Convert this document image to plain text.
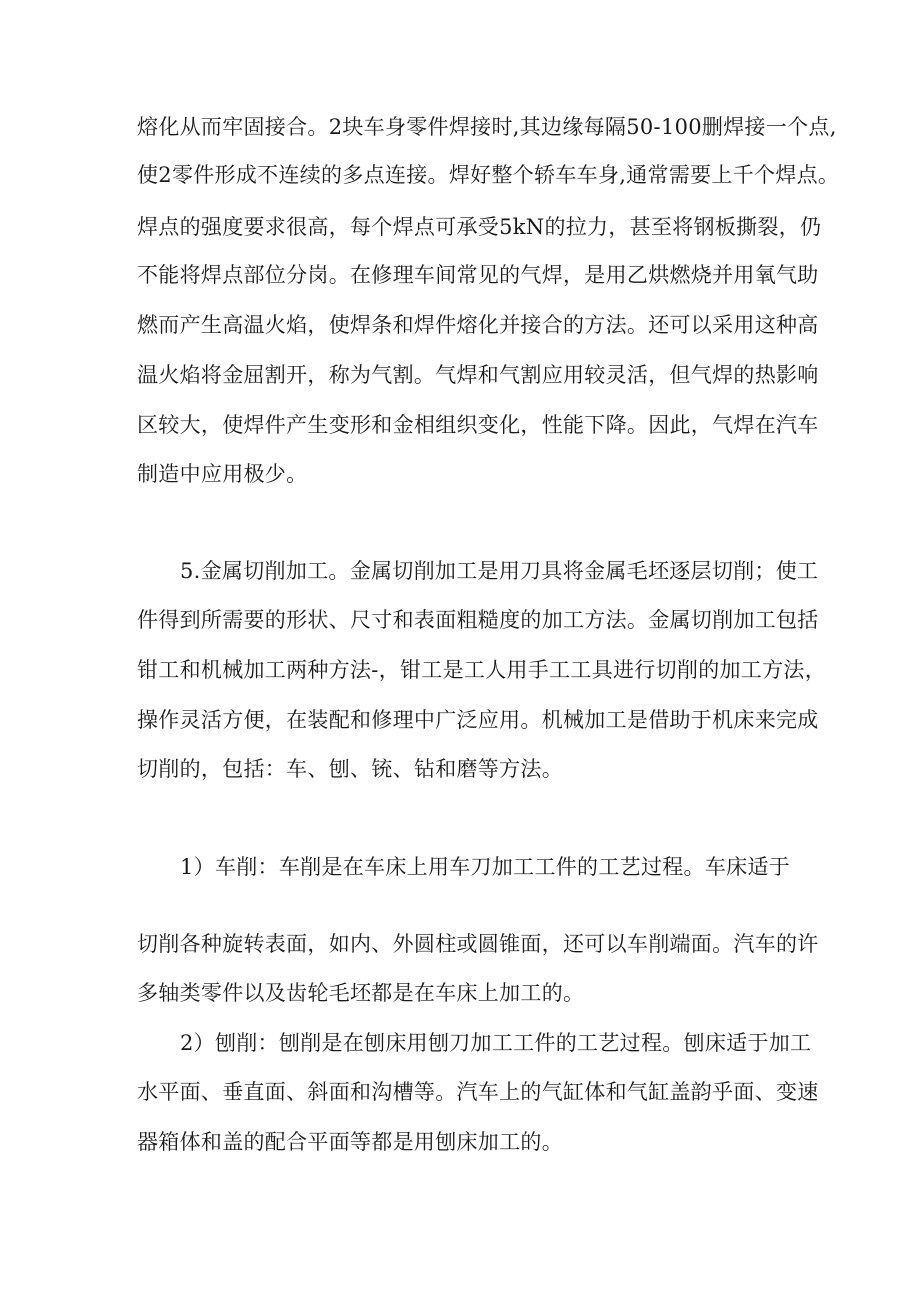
熔化从而牢固接合。2块车身零件焊接时,其边缘每隔50-100删焊接一个点,
使2零件形成不连续的多点连接。焊好整个轿车车身,通常需要上千个焊点。
焊点的强度要求很高，每个焊点可承受5kN的拉力，甚至将钢板撕裂，仍
不能将焊点部位分岗。在修理车间常见的气焊，是用乙烘燃烧并用氧气助
燃而产生高温火焰，使焊条和焊件熔化并接合的方法。还可以采用这种高
温火焰将金屈割开，称为气割。气焊和气割应用较灵活，但气焊的热影响
区较大，使焊件产生变形和金相组织变化，性能下降。因此，气焊在汽车
制造中应用极少。
5.金属切削加工。金属切削加工是用刀具将金属毛坯逐层切削；使工
件得到所需要的形状、尺寸和表面粗糙度的加工方法。金属切削加工包括
钳工和机械加工两种方法-，钳工是工人用手工工具进行切削的加工方法，
操作灵活方便，在装配和修理中广泛应用。机械加工是借助于机床来完成
切削的，包括：车、刨、铳、钻和磨等方法。
1）车削：车削是在车床上用车刀加工工件的工艺过程。车床适于
切削各种旋转表面，如内、外圆柱或圆锥面，还可以车削端面。汽车的许
多轴类零件以及齿轮毛坯都是在车床上加工的。
2）刨削：刨削是在刨床用刨刀加工工件的工艺过程。刨床适于加工
水平面、垂直面、斜面和沟槽等。汽车上的气缸体和气缸盖韵乎面、变速
器箱体和盖的配合平面等都是用刨床加工的。
